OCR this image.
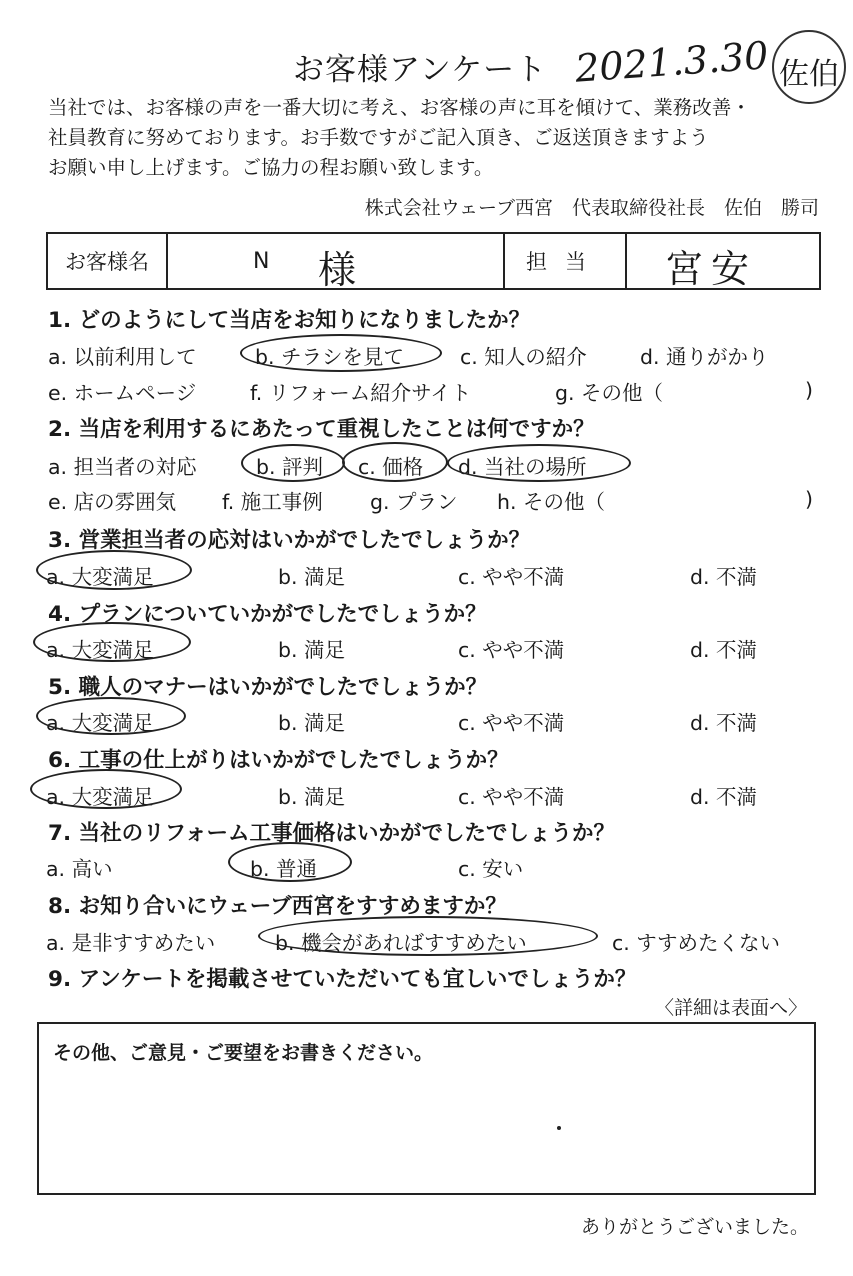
お客様アンケート 2021.3.30 佐伯
当社では、お客様の声を一番大切に考え、お客様の声に耳を傾けて、業務改善・
社員教育に努めております。お手数ですがご記入頂き、ご返送頂きますよう
お願い申し上げます。ご協力の程お願い致します。
株式会社ウェーブ西宮　代表取締役社長　佐伯　勝司
お客様名	N 様	担当	宮安
1. どのようにして当店をお知りになりましたか？
a. 以前利用して	b. チラシを見て	c. 知人の紹介	d. 通りがかり
e. ホームページ	f. リフォーム紹介サイト	g. その他（	)
2. 当店を利用するにあたって重視したことは何ですか？
a. 担当者の対応	b. 評判 c. 価格 d. 当社の場所
e. 店の雰囲気 f. 施工事例 g. プラン h. その他（	)
3. 営業担当者の応対はいかがでしたでしょうか？
a. 大変満足	b. 満足	c. やや不満	d. 不満
4. プランについていかがでしたでしょうか？
a. 大変満足	b. 満足	c. やや不満	d. 不満
5. 職人のマナーはいかがでしたでしょうか？
a. 大変満足	b. 満足	c. やや不満	d. 不満
6. 工事の仕上がりはいかがでしたでしょうか？
a. 大変満足	b. 満足	c. やや不満	d. 不満
7. 当社のリフォーム工事価格はいかがでしたでしょうか？
a. 高い	b. 普通	c. 安い
8. お知り合いにウェーブ西宮をすすめますか？
a. 是非すすめたい	b. 機会があればすすめたい	c. すすめたくない
9. アンケートを掲載させていただいても宜しいでしょうか？
〈詳細は表面へ〉
その他、ご意見・ご要望をお書きください。
ありがとうございました。
